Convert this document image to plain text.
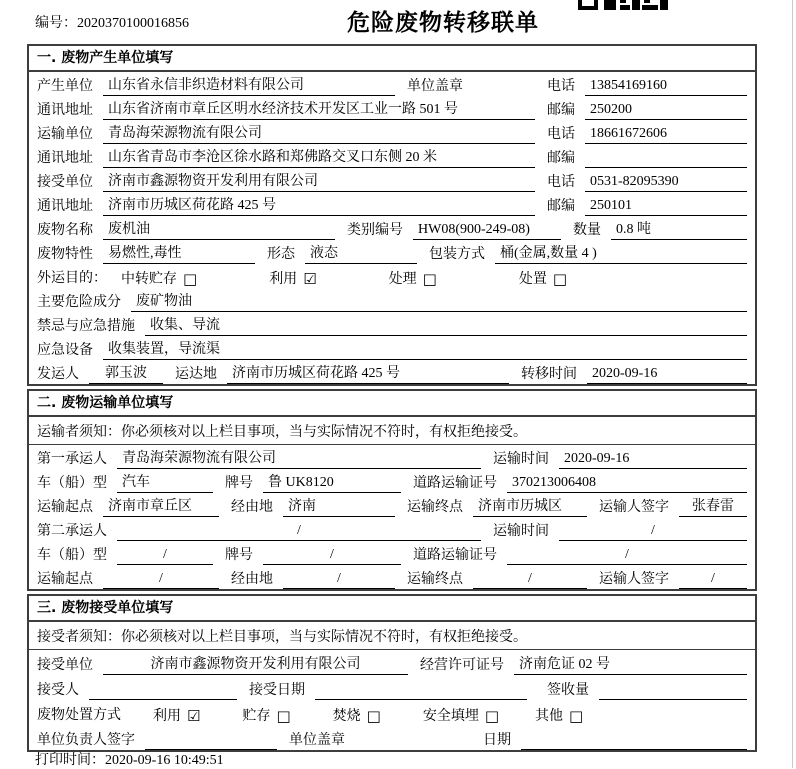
编号：2020370100016856	危险废物转移联单
一. 废物产生单位填写
产生单位	山东省永信非织造材料有限公司	单位盖章	电话	13854169160
通讯地址	山东省济南市章丘区明水经济技术开发区工业一路 501 号	邮编	250200
运输单位	青岛海荣源物流有限公司	电话	18661672606
通讯地址	山东省青岛市李沧区徐水路和郑佛路交叉口东侧 20 米	邮编
接受单位	济南市鑫源物资开发利用有限公司	电话	0531-82095390
通讯地址	济南市历城区荷花路 425 号	邮编	250101
废物名称	废机油	类别编号	HW08(900-249-08)	数量	0.8 吨
废物特性	易燃性,毒性	形态	液态	包装方式	桶(金属,数量 4 )
外运目的： 中转贮存 □	利用 ☑	处理 □	处置 □
主要危险成分	废矿物油
禁忌与应急措施	收集、导流
应急设备	收集装置，导流渠
发运人	郭玉波	运达地	济南市历城区荷花路 425 号	转移时间	2020-09-16
二. 废物运输单位填写
运输者须知：你必须核对以上栏目事项，当与实际情况不符时，有权拒绝接受。
第一承运人	青岛海荣源物流有限公司	运输时间	2020-09-16
车（船）型	汽车	牌号	鲁 UK8120	道路运输证号	370213006408
运输起点	济南市章丘区	经由地	济南	运输终点	济南市历城区	运输人签字	张春雷
第二承运人	/	运输时间	/
车（船）型	/	牌号	/	道路运输证号	/
运输起点	/	经由地	/	运输终点	/	运输人签字	/
三. 废物接受单位填写
接受者须知：你必须核对以上栏目事项，当与实际情况不符时，有权拒绝接受。
接受单位	济南市鑫源物资开发利用有限公司	经营许可证号	济南危证 02 号
接受人	接受日期	签收量
废物处置方式 利用 ☑	贮存 □	焚烧 □	安全填埋 □	其他 □
单位负责人签字	单位盖章	日期
打印时间：2020-09-16 10:49:51
